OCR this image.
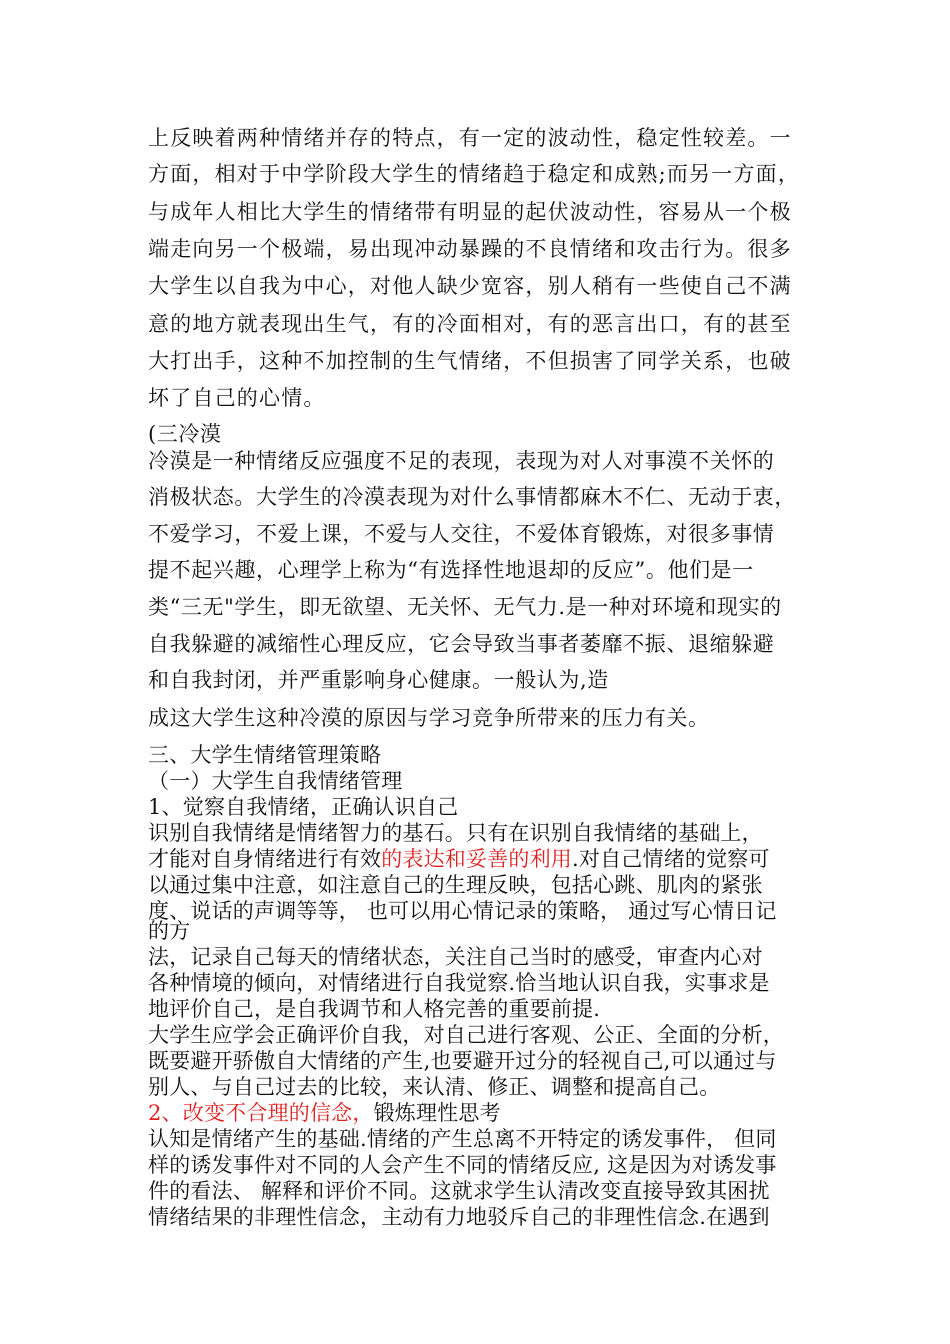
上反映着两种情绪并存的特点，有一定的波动性，稳定性较差。一
方面，相对于中学阶段大学生的情绪趋于稳定和成熟;而另一方面，
与成年人相比大学生的情绪带有明显的起伏波动性，容易从一个极
端走向另一个极端，易出现冲动暴躁的不良情绪和攻击行为。很多
大学生以自我为中心，对他人缺少宽容，别人稍有一些使自己不满
意的地方就表现出生气，有的冷面相对，有的恶言出口，有的甚至
大打出手，这种不加控制的生气情绪，不但损害了同学关系，也破
坏了自己的心情。
(三冷漠
冷漠是一种情绪反应强度不足的表现，表现为对人对事漠不关怀的
消极状态。大学生的冷漠表现为对什么事情都麻木不仁、无动于衷，
不爱学习，不爱上课，不爱与人交往，不爱体育锻炼，对很多事情
提不起兴趣，心理学上称为“有选择性地退却的反应”。他们是一
类“三无"学生，即无欲望、无关怀、无气力.是一种对环境和现实的
自我躲避的减缩性心理反应，它会导致当事者萎靡不振、退缩躲避
和自我封闭，并严重影响身心健康。一般认为,造
成这大学生这种冷漠的原因与学习竞争所带来的压力有关。
三、大学生情绪管理策略
（一）大学生自我情绪管理
1、觉察自我情绪，正确认识自己
识别自我情绪是情绪智力的基石。只有在识别自我情绪的基础上，
才能对自身情绪进行有效的表达和妥善的利用.对自己情绪的觉察可
以通过集中注意，如注意自己的生理反映，包括心跳、肌肉的紧张
度、说话的声调等等， 也可以用心情记录的策略， 通过写心情日记
的方
法，记录自己每天的情绪状态，关注自己当时的感受，审查内心对
各种情境的倾向，对情绪进行自我觉察.恰当地认识自我，实事求是
地评价自己，是自我调节和人格完善的重要前提.
大学生应学会正确评价自我，对自己进行客观、公正、全面的分析，
既要避开骄傲自大情绪的产生,也要避开过分的轻视自己,可以通过与
别人、与自己过去的比较，来认清、修正、调整和提高自己。
2、改变不合理的信念，锻炼理性思考
认知是情绪产生的基础.情绪的产生总离不开特定的诱发事件， 但同
样的诱发事件对不同的人会产生不同的情绪反应, 这是因为对诱发事
件的看法、 解释和评价不同。这就求学生认清改变直接导致其困扰
情绪结果的非理性信念，主动有力地驳斥自己的非理性信念.在遇到
